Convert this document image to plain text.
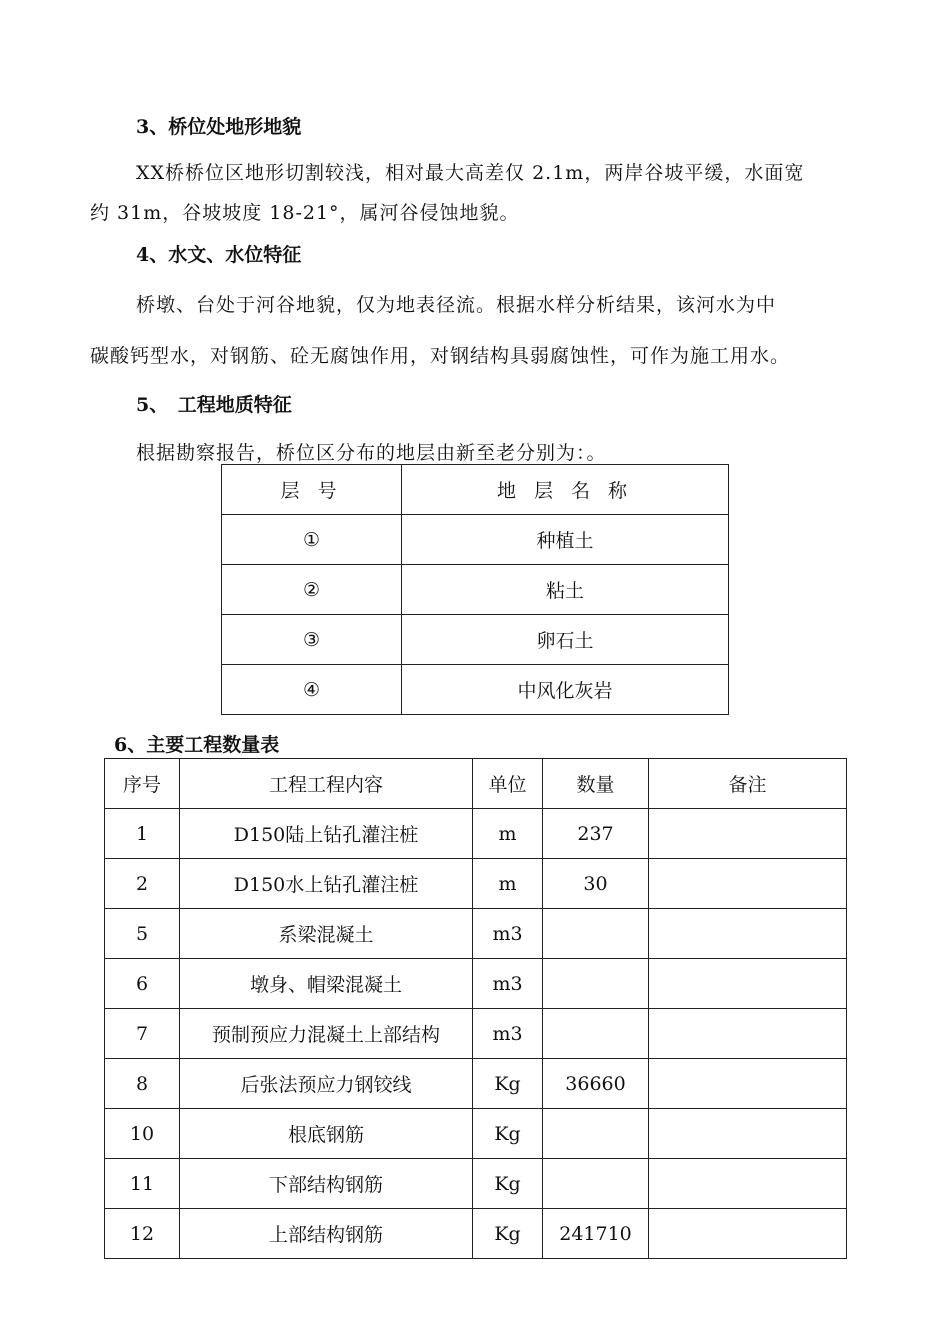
3、桥位处地形地貌
XX桥桥位区地形切割较浅，相对最大高差仅 2.1m，两岸谷坡平缓，水面宽
约 31m，谷坡坡度 18-21°，属河谷侵蚀地貌。
4、水文、水位特征
桥墩、台处于河谷地貌，仅为地表径流。根据水样分析结果，该河水为中
碳酸钙型水，对钢筋、砼无腐蚀作用，对钢结构具弱腐蚀性，可作为施工用水。
5、　工程地质特征
根据勘察报告，桥位区分布的地层由新至老分别为：。
层 号	地 层 名 称
①	种植土
②	粘土
③	卵石土
④	中风化灰岩
6、主要工程数量表
序号	工程工程内容	单位	数量	备注
1	D150陆上钻孔灌注桩	m	237	
2	D150水上钻孔灌注桩	m	30	
5	系梁混凝土	m3		
6	墩身、帽梁混凝土	m3		
7	预制预应力混凝土上部结构	m3		
8	后张法预应力钢铰线	Kg	36660	
10	根底钢筋	Kg		
11	下部结构钢筋	Kg		
12	上部结构钢筋	Kg	241710	
